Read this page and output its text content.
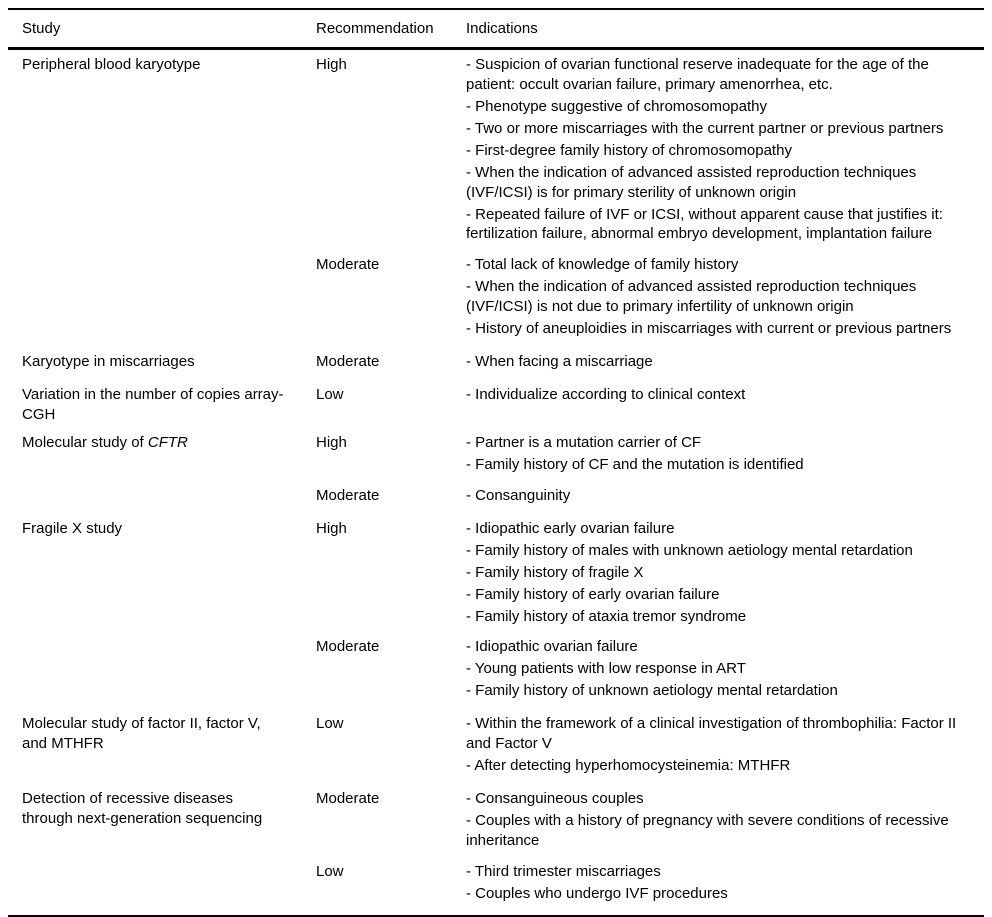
Study	Recommendation	Indications
Peripheral blood karyotype	High	- Suspicion of ovarian functional reserve inadequate for the age of the patient: occult ovarian failure, primary amenorrhea, etc.

- Phenotype suggestive of chromosomopathy

- Two or more miscarriages with the current partner or previous partners

- First-degree family history of chromosomopathy

- When the indication of advanced assisted reproduction techniques (IVF/ICSI) is for primary sterility of unknown origin

- Repeated failure of IVF or ICSI, without apparent cause that justifies it: fertilization failure, abnormal embryo development, implantation failure

	Moderate	- Total lack of knowledge of family history

- When the indication of advanced assisted reproduction techniques (IVF/ICSI) is not due to primary infertility of unknown origin

- History of aneuploidies in miscarriages with current or previous partners

Karyotype in miscarriages	Moderate	- When facing a miscarriage

Variation in the number of copies array-CGH	Low	- Individualize according to clinical context

Molecular study of CFTR	High	- Partner is a mutation carrier of CF

- Family history of CF and the mutation is identified

	Moderate	- Consanguinity

Fragile X study	High	- Idiopathic early ovarian failure

- Family history of males with unknown aetiology mental retardation

- Family history of fragile X

- Family history of early ovarian failure

- Family history of ataxia tremor syndrome

	Moderate	- Idiopathic ovarian failure

- Young patients with low response in ART

- Family history of unknown aetiology mental retardation

Molecular study of factor II, factor V, and MTHFR	Low	- Within the framework of a clinical investigation of thrombophilia: Factor II and Factor V

- After detecting hyperhomocysteinemia: MTHFR

Detection of recessive diseases through next-generation sequencing	Moderate	- Consanguineous couples

- Couples with a history of pregnancy with severe conditions of recessive inheritance

	Low	- Third trimester miscarriages

- Couples who undergo IVF procedures
